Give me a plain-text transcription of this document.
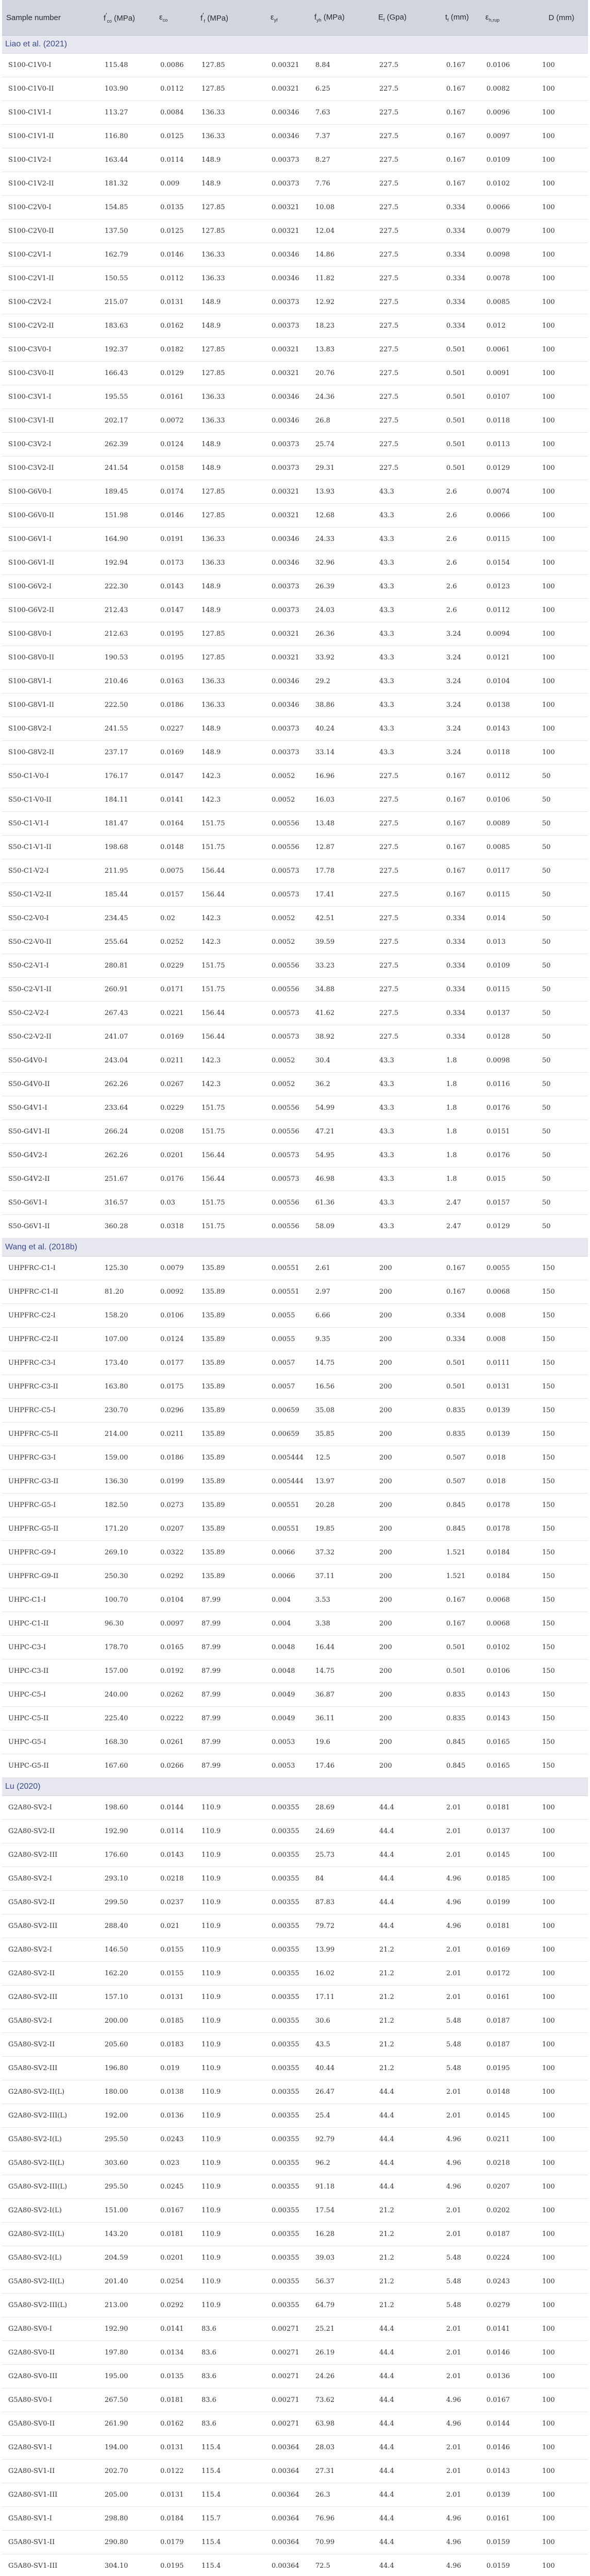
Sample number	$f'_{co}$ (MPa)	$\varepsilon_{co}$	$f'_f$ (MPa)	$\varepsilon_{yf}$	$f_{yh}$ (MPa)	$E_f$ (Gpa)	$t_f$ (mm)	$\varepsilon_{h,rup}$	D (mm)
Liao et al. (2021)									
S100-C1V0-I	115.48	0.0086	127.85	0.00321	8.84	227.5	0.167	0.0106	100
S100-C1V0-II	103.90	0.0112	127.85	0.00321	6.25	227.5	0.167	0.0082	100
S100-C1V1-I	113.27	0.0084	136.33	0.00346	7.63	227.5	0.167	0.0096	100
S100-C1V1-II	116.80	0.0125	136.33	0.00346	7.37	227.5	0.167	0.0097	100
S100-C1V2-I	163.44	0.0114	148.9	0.00373	8.27	227.5	0.167	0.0109	100
S100-C1V2-II	181.32	0.009	148.9	0.00373	7.76	227.5	0.167	0.0102	100
S100-C2V0-I	154.85	0.0135	127.85	0.00321	10.08	227.5	0.334	0.0066	100
S100-C2V0-II	137.50	0.0125	127.85	0.00321	12.04	227.5	0.334	0.0079	100
S100-C2V1-I	162.79	0.0146	136.33	0.00346	14.86	227.5	0.334	0.0098	100
S100-C2V1-II	150.55	0.0112	136.33	0.00346	11.82	227.5	0.334	0.0078	100
S100-C2V2-I	215.07	0.0131	148.9	0.00373	12.92	227.5	0.334	0.0085	100
S100-C2V2-II	183.63	0.0162	148.9	0.00373	18.23	227.5	0.334	0.012	100
S100-C3V0-I	192.37	0.0182	127.85	0.00321	13.83	227.5	0.501	0.0061	100
S100-C3V0-II	166.43	0.0129	127.85	0.00321	20.76	227.5	0.501	0.0091	100
S100-C3V1-I	195.55	0.0161	136.33	0.00346	24.36	227.5	0.501	0.0107	100
S100-C3V1-II	202.17	0.0072	136.33	0.00346	26.8	227.5	0.501	0.0118	100
S100-C3V2-I	262.39	0.0124	148.9	0.00373	25.74	227.5	0.501	0.0113	100
S100-C3V2-II	241.54	0.0158	148.9	0.00373	29.31	227.5	0.501	0.0129	100
S100-G6V0-I	189.45	0.0174	127.85	0.00321	13.93	43.3	2.6	0.0074	100
S100-G6V0-II	151.98	0.0146	127.85	0.00321	12.68	43.3	2.6	0.0066	100
S100-G6V1-I	164.90	0.0191	136.33	0.00346	24.33	43.3	2.6	0.0115	100
S100-G6V1-II	192.94	0.0173	136.33	0.00346	32.96	43.3	2.6	0.0154	100
S100-G6V2-I	222.30	0.0143	148.9	0.00373	26.39	43.3	2.6	0.0123	100
S100-G6V2-II	212.43	0.0147	148.9	0.00373	24.03	43.3	2.6	0.0112	100
S100-G8V0-I	212.63	0.0195	127.85	0.00321	26.36	43.3	3.24	0.0094	100
S100-G8V0-II	190.53	0.0195	127.85	0.00321	33.92	43.3	3.24	0.0121	100
S100-G8V1-I	210.46	0.0163	136.33	0.00346	29.2	43.3	3.24	0.0104	100
S100-G8V1-II	222.50	0.0186	136.33	0.00346	38.86	43.3	3.24	0.0138	100
S100-G8V2-I	241.55	0.0227	148.9	0.00373	40.24	43.3	3.24	0.0143	100
S100-G8V2-II	237.17	0.0169	148.9	0.00373	33.14	43.3	3.24	0.0118	100
S50-C1-V0-I	176.17	0.0147	142.3	0.0052	16.96	227.5	0.167	0.0112	50
S50-C1-V0-II	184.11	0.0141	142.3	0.0052	16.03	227.5	0.167	0.0106	50
S50-C1-V1-I	181.47	0.0164	151.75	0.00556	13.48	227.5	0.167	0.0089	50
S50-C1-V1-II	198.68	0.0148	151.75	0.00556	12.87	227.5	0.167	0.0085	50
S50-C1-V2-I	211.95	0.0075	156.44	0.00573	17.78	227.5	0.167	0.0117	50
S50-C1-V2-II	185.44	0.0157	156.44	0.00573	17.41	227.5	0.167	0.0115	50
S50-C2-V0-I	234.45	0.02	142.3	0.0052	42.51	227.5	0.334	0.014	50
S50-C2-V0-II	255.64	0.0252	142.3	0.0052	39.59	227.5	0.334	0.013	50
S50-C2-V1-I	280.81	0.0229	151.75	0.00556	33.23	227.5	0.334	0.0109	50
S50-C2-V1-II	260.91	0.0171	151.75	0.00556	34.88	227.5	0.334	0.0115	50
S50-C2-V2-I	267.43	0.0221	156.44	0.00573	41.62	227.5	0.334	0.0137	50
S50-C2-V2-II	241.07	0.0169	156.44	0.00573	38.92	227.5	0.334	0.0128	50
S50-G4V0-I	243.04	0.0211	142.3	0.0052	30.4	43.3	1.8	0.0098	50
S50-G4V0-II	262.26	0.0267	142.3	0.0052	36.2	43.3	1.8	0.0116	50
S50-G4V1-I	233.64	0.0229	151.75	0.00556	54.99	43.3	1.8	0.0176	50
S50-G4V1-II	266.24	0.0208	151.75	0.00556	47.21	43.3	1.8	0.0151	50
S50-G4V2-I	262.26	0.0201	156.44	0.00573	54.95	43.3	1.8	0.0176	50
S50-G4V2-II	251.67	0.0176	156.44	0.00573	46.98	43.3	1.8	0.015	50
S50-G6V1-I	316.57	0.03	151.75	0.00556	61.36	43.3	2.47	0.0157	50
S50-G6V1-II	360.28	0.0318	151.75	0.00556	58.09	43.3	2.47	0.0129	50
Wang et al. (2018b)									
UHPFRC-C1-I	125.30	0.0079	135.89	0.00551	2.61	200	0.167	0.0055	150
UHPFRC-C1-II	81.20	0.0092	135.89	0.00551	2.97	200	0.167	0.0068	150
UHPFRC-C2-I	158.20	0.0106	135.89	0.0055	6.66	200	0.334	0.008	150
UHPFRC-C2-II	107.00	0.0124	135.89	0.0055	9.35	200	0.334	0.008	150
UHPFRC-C3-I	173.40	0.0177	135.89	0.0057	14.75	200	0.501	0.0111	150
UHPFRC-C3-II	163.80	0.0175	135.89	0.0057	16.56	200	0.501	0.0131	150
UHPFRC-C5-I	230.70	0.0296	135.89	0.00659	35.08	200	0.835	0.0139	150
UHPFRC-C5-II	214.00	0.0211	135.89	0.00659	35.85	200	0.835	0.0139	150
UHPFRC-G3-I	159.00	0.0186	135.89	0.005444	12.5	200	0.507	0.018	150
UHPFRC-G3-II	136.30	0.0199	135.89	0.005444	13.97	200	0.507	0.018	150
UHPFRC-G5-I	182.50	0.0273	135.89	0.00551	20.28	200	0.845	0.0178	150
UHPFRC-G5-II	171.20	0.0207	135.89	0.00551	19.85	200	0.845	0.0178	150
UHPFRC-G9-I	269.10	0.0322	135.89	0.0066	37.32	200	1.521	0.0184	150
UHPFRC-G9-II	250.30	0.0292	135.89	0.0066	37.11	200	1.521	0.0184	150
UHPC-C1-I	100.70	0.0104	87.99	0.004	3.53	200	0.167	0.0068	150
UHPC-C1-II	96.30	0.0097	87.99	0.004	3.38	200	0.167	0.0068	150
UHPC-C3-I	178.70	0.0165	87.99	0.0048	16.44	200	0.501	0.0102	150
UHPC-C3-II	157.00	0.0192	87.99	0.0048	14.75	200	0.501	0.0106	150
UHPC-C5-I	240.00	0.0262	87.99	0.0049	36.87	200	0.835	0.0143	150
UHPC-C5-II	225.40	0.0222	87.99	0.0049	36.11	200	0.835	0.0143	150
UHPC-G5-I	168.30	0.0261	87.99	0.0053	19.6	200	0.845	0.0165	150
UHPC-G5-II	167.60	0.0266	87.99	0.0053	17.46	200	0.845	0.0165	150
Lu (2020)									
G2A80-SV2-I	198.60	0.0144	110.9	0.00355	28.69	44.4	2.01	0.0181	100
G2A80-SV2-II	192.90	0.0114	110.9	0.00355	24.69	44.4	2.01	0.0137	100
G2A80-SV2-III	176.60	0.0143	110.9	0.00355	25.73	44.4	2.01	0.0145	100
G5A80-SV2-I	293.10	0.0218	110.9	0.00355	84	44.4	4.96	0.0185	100
G5A80-SV2-II	299.50	0.0237	110.9	0.00355	87.83	44.4	4.96	0.0199	100
G5A80-SV2-III	288.40	0.021	110.9	0.00355	79.72	44.4	4.96	0.0181	100
G2A80-SV2-I	146.50	0.0155	110.9	0.00355	13.99	21.2	2.01	0.0169	100
G2A80-SV2-II	162.20	0.0155	110.9	0.00355	16.02	21.2	2.01	0.0172	100
G2A80-SV2-III	157.10	0.0131	110.9	0.00355	17.11	21.2	2.01	0.0161	100
G5A80-SV2-I	200.00	0.0185	110.9	0.00355	30.6	21.2	5.48	0.0187	100
G5A80-SV2-II	205.60	0.0183	110.9	0.00355	43.5	21.2	5.48	0.0187	100
G5A80-SV2-III	196.80	0.019	110.9	0.00355	40.44	21.2	5.48	0.0195	100
G2A80-SV2-II(L)	180.00	0.0138	110.9	0.00355	26.47	44.4	2.01	0.0148	100
G2A80-SV2-III(L)	192.00	0.0136	110.9	0.00355	25.4	44.4	2.01	0.0145	100
G5A80-SV2-I(L)	295.50	0.0243	110.9	0.00355	92.79	44.4	4.96	0.0211	100
G5A80-SV2-II(L)	303.60	0.023	110.9	0.00355	96.2	44.4	4.96	0.0218	100
G5A80-SV2-III(L)	295.50	0.0245	110.9	0.00355	91.18	44.4	4.96	0.0207	100
G2A80-SV2-I(L)	151.00	0.0167	110.9	0.00355	17.54	21.2	2.01	0.0202	100
G2A80-SV2-II(L)	143.20	0.0181	110.9	0.00355	16.28	21.2	2.01	0.0187	100
G5A80-SV2-I(L)	204.59	0.0201	110.9	0.00355	39.03	21.2	5.48	0.0224	100
G5A80-SV2-II(L)	201.40	0.0254	110.9	0.00355	56.37	21.2	5.48	0.0243	100
G5A80-SV2-III(L)	213.00	0.0292	110.9	0.00355	64.79	21.2	5.48	0.0279	100
G2A80-SV0-I	192.90	0.0141	83.6	0.00271	25.21	44.4	2.01	0.0141	100
G2A80-SV0-II	197.80	0.0134	83.6	0.00271	26.19	44.4	2.01	0.0146	100
G2A80-SV0-III	195.00	0.0135	83.6	0.00271	24.26	44.4	2.01	0.0136	100
G5A80-SV0-I	267.50	0.0181	83.6	0.00271	73.62	44.4	4.96	0.0167	100
G5A80-SV0-II	261.90	0.0162	83.6	0.00271	63.98	44.4	4.96	0.0144	100
G2A80-SV1-I	194.00	0.0131	115.4	0.00364	28.03	44.4	2.01	0.0146	100
G2A80-SV1-II	202.70	0.0122	115.4	0.00364	27.31	44.4	2.01	0.0143	100
G2A80-SV1-III	205.00	0.0131	115.4	0.00364	26.3	44.4	2.01	0.0139	100
G5A80-SV1-I	298.80	0.0184	115.7	0.00364	76.96	44.4	4.96	0.0161	100
G5A80-SV1-II	290.80	0.0179	115.4	0.00364	70.99	44.4	4.96	0.0159	100
G5A80-SV1-III	304.10	0.0195	115.4	0.00364	72.5	44.4	4.96	0.0159	100
